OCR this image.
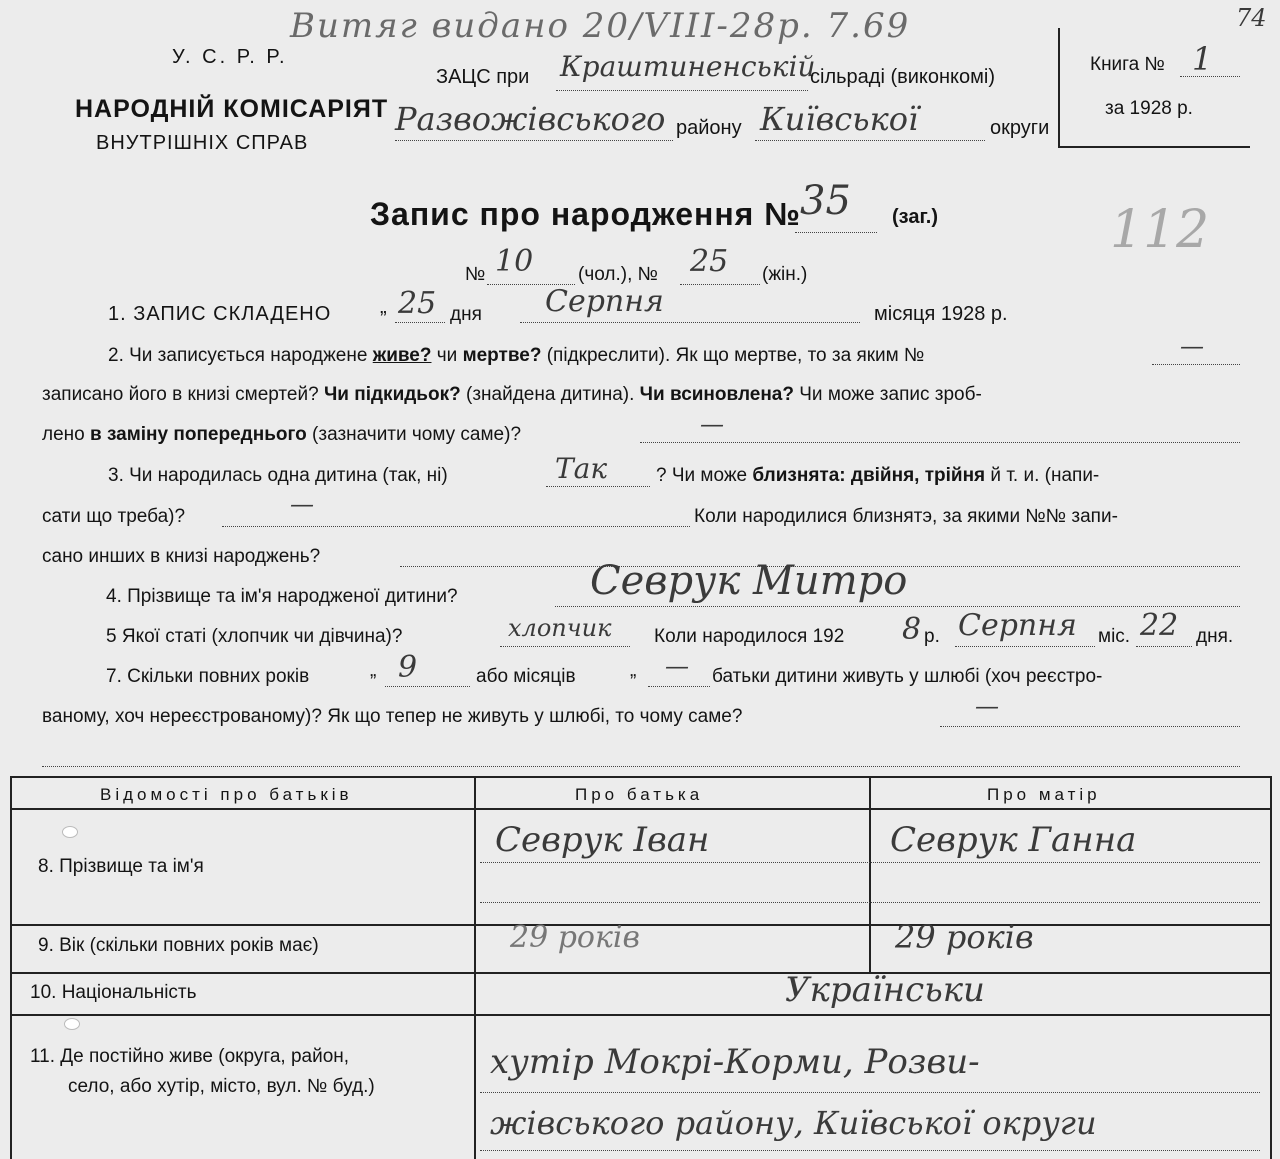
Витяг видано 20/VIII-28р. 7.69	74
У. С. Р. Р.
НАРОДНІЙ КОМІСАРІЯТ
ВНУТРІШНІХ СПРАВ
ЗАЦС при Краштиненській
сільраді (виконкомі)
Развожівського району Київської	округи
Книга № 1
за 1928 р.
Запис про народження № 35 (заг.)	112
№ 10 (чол.), № 25 (жін.)
1. ЗАПИС СКЛАДЕНО „ 25 дня Серпня	місяця 1928 р.
2. Чи записується народжене живе? чи мертве? (підкреслити). Як що мертве, то за яким №	—
записано його в книзі смертей? Чи підкидьок? (знайдена дитина). Чи всиновлена? Чи може запис зроб-
лено в заміну попереднього (зазначити чому саме)?	—
3. Чи народилась одна дитина (так, ні)	Так	? Чи може близнята: двійня, трійня й т. и. (напи-
сати що треба)?	—	Коли народилися близнятэ, за якими №№ запи-
сано инших в книзі народжень?
4. Прізвище та ім'я народженої дитини?	Севрук Митро
5 Якої статі (хлопчик чи дівчина)?	хлопчик Коли народилося 192 8 р. Серпня міс. 22 дня.
7. Скільки повних років	„ 9	або місяців	„ — батьки дитини живуть у шлюбі (хоч реєстро-
ваному, хоч нереєстрованому)? Як що тепер не живуть у шлюбі, то чому саме?	—
Відомості про батьків	Про батька	Про матір
8. Прізвище та ім'я
Севрук Іван	Севрук Ганна
9. Вік (скільки повних років має)	29 років	29 років
10. Національність	Українськи
11. Де постійно живе (округа, район,
село, або хутір, місто, вул. № буд.)
хутір Мокрі-Корми, Розви-
жівського району, Київської округи
